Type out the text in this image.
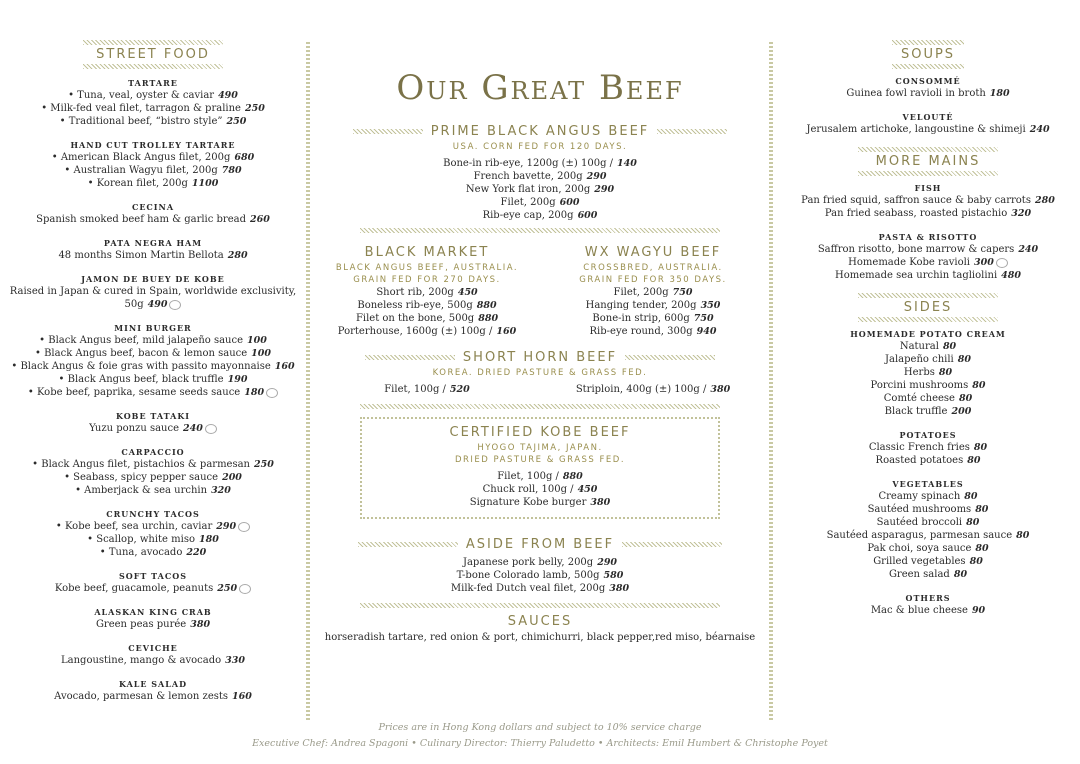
STREET FOOD
TARTARE
• Tuna, veal, oyster & caviar 490
• Milk-fed veal filet, tarragon & praline 250
• Traditional beef, “bistro style” 250
HAND CUT TROLLEY TARTARE
• American Black Angus filet, 200g 680
• Australian Wagyu filet, 200g 780
• Korean filet, 200g 1100
CECINA
Spanish smoked beef ham & garlic bread 260
PATA NEGRA HAM
48 months Simon Martin Bellota 280
JAMON DE BUEY DE KOBE
Raised in Japan & cured in Spain, worldwide exclusivity, 50g 490
MINI BURGER
• Black Angus beef, mild jalapeño sauce 100
• Black Angus beef, bacon & lemon sauce 100
• Black Angus & foie gras with passito mayonnaise 160
• Black Angus beef, black truffle 190
• Kobe beef, paprika, sesame seeds sauce 180
KOBE TATAKI
Yuzu ponzu sauce 240
CARPACCIO
• Black Angus filet, pistachios & parmesan 250
• Seabass, spicy pepper sauce 200
• Amberjack & sea urchin 320
CRUNCHY TACOS
• Kobe beef, sea urchin, caviar 290
• Scallop, white miso 180
• Tuna, avocado 220
SOFT TACOS
Kobe beef, guacamole, peanuts 250
ALASKAN KING CRAB
Green peas purée 380
CEVICHE
Langoustine, mango & avocado 330
KALE SALAD
Avocado, parmesan & lemon zests 160
Our Great Beef
PRIME BLACK ANGUS BEEF
USA. CORN FED FOR 120 DAYS.
Bone-in rib-eye, 1200g (±) 100g / 140
French bavette, 200g 290
New York flat iron, 200g 290
Filet, 200g 600
Rib-eye cap, 200g 600
BLACK MARKET
BLACK ANGUS BEEF, AUSTRALIA.
GRAIN FED FOR 270 DAYS.
Short rib, 200g 450
Boneless rib-eye, 500g 880
Filet on the bone, 500g 880
Porterhouse, 1600g (±) 100g / 160
WX WAGYU BEEF
CROSSBRED, AUSTRALIA.
GRAIN FED FOR 350 DAYS.
Filet, 200g 750
Hanging tender, 200g 350
Bone-in strip, 600g 750
Rib-eye round, 300g 940
SHORT HORN BEEF
KOREA. DRIED PASTURE & GRASS FED.
Filet, 100g / 520	Striploin, 400g (±) 100g / 380
CERTIFIED KOBE BEEF
HYOGO TAJIMA, JAPAN.
DRIED PASTURE & GRASS FED.
Filet, 100g / 880
Chuck roll, 100g / 450
Signature Kobe burger 380
ASIDE FROM BEEF
Japanese pork belly, 200g 290
T-bone Colorado lamb, 500g 580
Milk-fed Dutch veal filet, 200g 380
SAUCES
horseradish tartare, red onion & port, chimichurri, black pepper,red miso, béarnaise
SOUPS
CONSOMMÉ
Guinea fowl ravioli in broth 180
VELOUTÉ
Jerusalem artichoke, langoustine & shimeji 240
MORE MAINS
FISH
Pan fried squid, saffron sauce & baby carrots 280
Pan fried seabass, roasted pistachio 320
PASTA & RISOTTO
Saffron risotto, bone marrow & capers 240
Homemade Kobe ravioli 300
Homemade sea urchin tagliolini 480
SIDES
HOMEMADE POTATO CREAM
Natural 80
Jalapeño chili 80
Herbs 80
Porcini mushrooms 80
Comté cheese 80
Black truffle 200
POTATOES
Classic French fries 80
Roasted potatoes 80
VEGETABLES
Creamy spinach 80
Sautéed mushrooms 80
Sautéed broccoli 80
Sautéed asparagus, parmesan sauce 80
Pak choi, soya sauce 80
Grilled vegetables 80
Green salad 80
OTHERS
Mac & blue cheese 90
Prices are in Hong Kong dollars and subject to 10% service charge
Executive Chef: Andrea Spagoni • Culinary Director: Thierry Paludetto • Architects: Emil Humbert & Christophe Poyet
